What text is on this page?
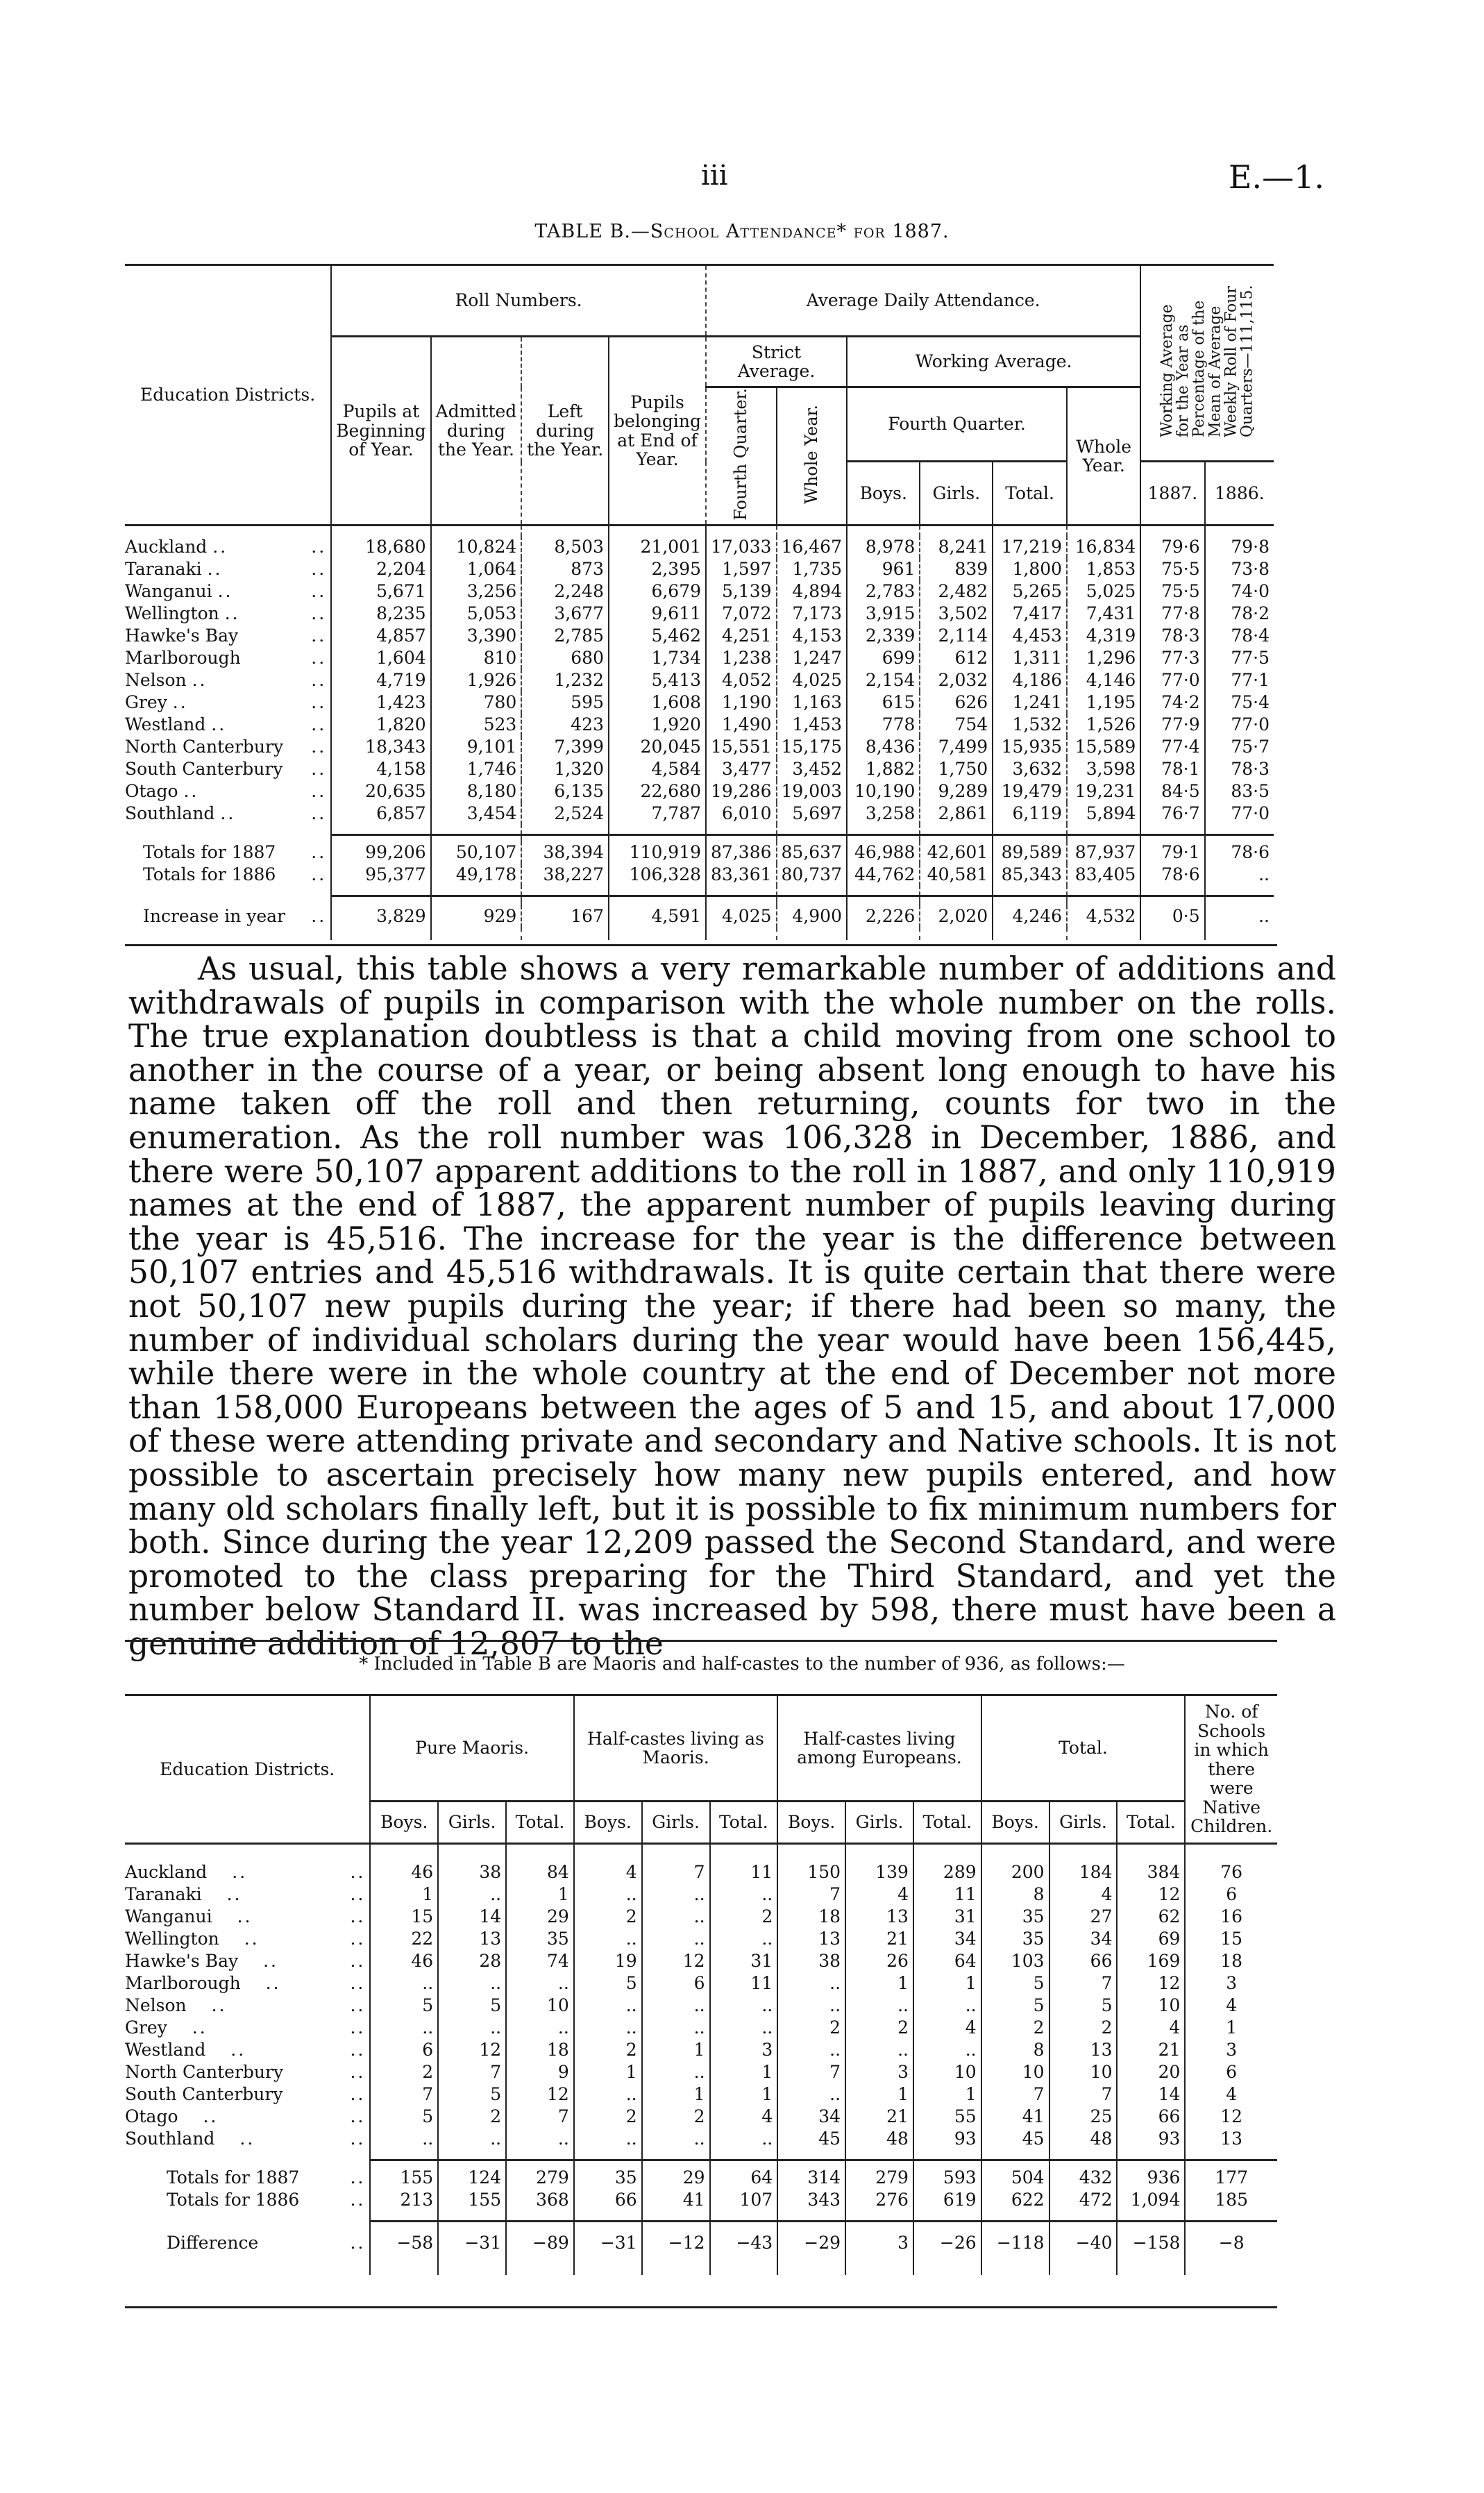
iii	E.—1.
TABLE B.—School Attendance* for 1887.
Education Districts.	Roll Numbers.				Average Daily Attendance.						Working Average for the Year as Percentage of the Mean of Average Weekly Roll of Four Quarters—111,115.	
	Pupils at Beginning of Year.	Admitted during the Year.	Left during the Year.	Pupils belonging at End of Year.	Strict Average.		Working Average.					
					Fourth Quarter.	Whole Year.	Fourth Quarter.			Whole Year.		
							Boys.	Girls.	Total.		1887.	1886.

Auckland .. ..	18,680	10,824	8,503	21,001	17,033	16,467	8,978	8,241	17,219	16,834	79·6	79·8
Taranaki .. ..	2,204	1,064	873	2,395	1,597	1,735	961	839	1,800	1,853	75·5	73·8
Wanganui .. ..	5,671	3,256	2,248	6,679	5,139	4,894	2,783	2,482	5,265	5,025	75·5	74·0
Wellington .. ..	8,235	5,053	3,677	9,611	7,072	7,173	3,915	3,502	7,417	7,431	77·8	78·2
Hawke's Bay ..	4,857	3,390	2,785	5,462	4,251	4,153	2,339	2,114	4,453	4,319	78·3	78·4
Marlborough ..	1,604	810	680	1,734	1,238	1,247	699	612	1,311	1,296	77·3	77·5
Nelson .. ..	4,719	1,926	1,232	5,413	4,052	4,025	2,154	2,032	4,186	4,146	77·0	77·1
Grey .. ..	1,423	780	595	1,608	1,190	1,163	615	626	1,241	1,195	74·2	75·4
Westland .. ..	1,820	523	423	1,920	1,490	1,453	778	754	1,532	1,526	77·9	77·0
North Canterbury ..	18,343	9,101	7,399	20,045	15,551	15,175	8,436	7,499	15,935	15,589	77·4	75·7
South Canterbury ..	4,158	1,746	1,320	4,584	3,477	3,452	1,882	1,750	3,632	3,598	78·1	78·3
Otago .. ..	20,635	8,180	6,135	22,680	19,286	19,003	10,190	9,289	19,479	19,231	84·5	83·5
Southland .. ..	6,857	3,454	2,524	7,787	6,010	5,697	3,258	2,861	6,119	5,894	76·7	77·0

Totals for 1887 ..	99,206	50,107	38,394	110,919	87,386	85,637	46,988	42,601	89,589	87,937	79·1	78·6
Totals for 1886 ..	95,377	49,178	38,227	106,328	83,361	80,737	44,762	40,581	85,343	83,405	78·6	..

Increase in year ..	3,829	929	167	4,591	4,025	4,900	2,226	2,020	4,246	4,532	0·5	..

As usual, this table shows a very remarkable number of additions and withdrawals of pupils in comparison with the whole number on the rolls. The true explanation doubtless is that a child moving from one school to another in the course of a year, or being absent long enough to have his name taken off the roll and then returning, counts for two in the enumeration. As the roll number was 106,328 in December, 1886, and there were 50,107 apparent additions to the roll in 1887, and only 110,919 names at the end of 1887, the apparent number of pupils leaving during the year is 45,516. The increase for the year is the difference between 50,107 entries and 45,516 withdrawals. It is quite certain that there were not 50,107 new pupils during the year; if there had been so many, the number of individual scholars during the year would have been 156,445, while there were in the whole country at the end of December not more than 158,000 Europeans between the ages of 5 and 15, and about 17,000 of these were attending private and secondary and Native schools. It is not possible to ascertain precisely how many new pupils entered, and how many old scholars finally left, but it is possible to fix minimum numbers for both. Since during the year 12,209 passed the Second Standard, and were promoted to the class preparing for the Third Standard, and yet the number below Standard II. was increased by 598, there must have been a genuine addition of 12,807 to the
* Included in Table B are Maoris and half-castes to the number of 936, as follows:—
Education Districts.	Pure Maoris.			Half-castes living as Maoris.			Half-castes living among Europeans.			Total.			No. of Schools in which there were Native Children.
	Boys.	Girls.	Total.	Boys.	Girls.	Total.	Boys.	Girls.	Total.	Boys.	Girls.	Total.	

Auckland .. ..	46	38	84	4	7	11	150	139	289	200	184	384	76
Taranaki .. ..	1	..	1	..	..	..	7	4	11	8	4	12	6
Wanganui .. ..	15	14	29	2	..	2	18	13	31	35	27	62	16
Wellington .. ..	22	13	35	..	..	..	13	21	34	35	34	69	15
Hawke's Bay .. ..	46	28	74	19	12	31	38	26	64	103	66	169	18
Marlborough .. ..	..	..	..	5	6	11	..	1	1	5	7	12	3
Nelson .. ..	5	5	10	..	..	..	..	..	..	5	5	10	4
Grey .. ..	..	..	..	..	..	..	2	2	4	2	2	4	1
Westland .. ..	6	12	18	2	1	3	..	..	..	8	13	21	3
North Canterbury ..	2	7	9	1	..	1	7	3	10	10	10	20	6
South Canterbury ..	7	5	12	..	1	1	..	1	1	7	7	14	4
Otago .. ..	5	2	7	2	2	4	34	21	55	41	25	66	12
Southland .. ..	..	..	..	..	..	..	45	48	93	45	48	93	13

Totals for 1887 ..	155	124	279	35	29	64	314	279	593	504	432	936	177
Totals for 1886 ..	213	155	368	66	41	107	343	276	619	622	472	1,094	185

Difference ..	−58	−31	−89	−31	−12	−43	−29	3	−26	−118	−40	−158	−8
